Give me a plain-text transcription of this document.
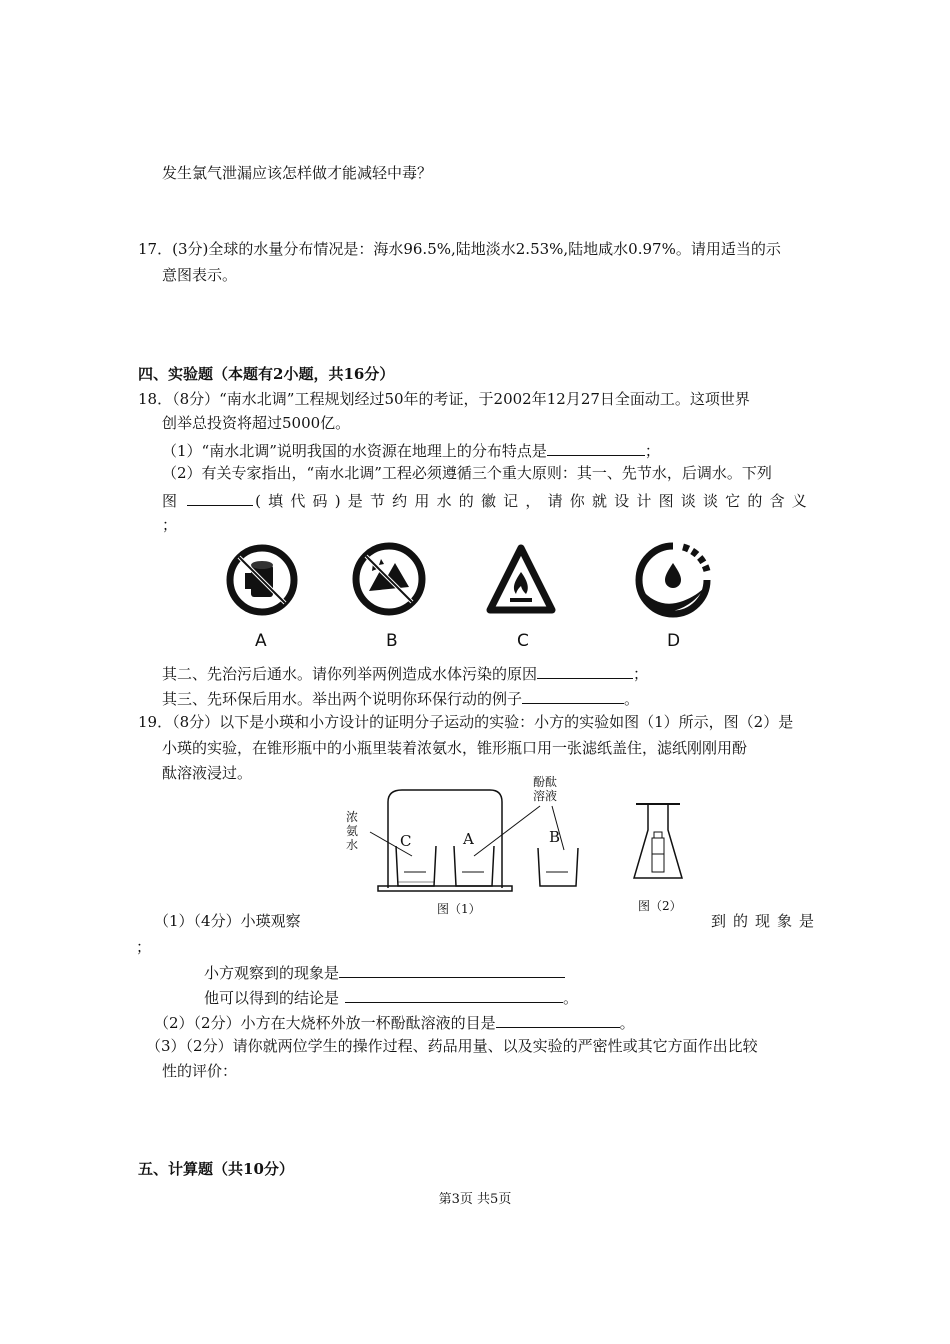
发生氯气泄漏应该怎样做才能减轻中毒？
17．(3分)全球的水量分布情况是：海水96.5%,陆地淡水2.53%,陆地咸水0.97%。请用适当的示
意图表示。
四、实验题（本题有2小题，共16分）
18．（8分）“南水北调”工程规划经过50年的考证，于2002年12月27日全面动工。这项世界
创举总投资将超过5000亿。
（1）“南水北调”说明我国的水资源在地理上的分布特点是	；
（2）有关专家指出，“南水北调”工程必须遵循三个重大原则：其一、先节水，后调水。下列
图	(填代码)是节约用水的徽记，请你就设计图谈谈它的含义
；
A	B	C	D
其二、先治污后通水。请你列举两例造成水体污染的原因	；
其三、先环保后用水。举出两个说明你环保行动的例子	。
19．（8分）以下是小瑛和小方设计的证明分子运动的实验：小方的实验如图（1）所示，图（2）是
小瑛的实验，在锥形瓶中的小瓶里装着浓氨水，锥形瓶口用一张滤纸盖住，滤纸刚刚用酚
酞溶液浸过。
浓
氨
水
酚酞
溶液
C	A	B
图（1）	图（2）
（1）（4分）小瑛观察	到 的 现 象 是
；
小方观察到的现象是
他可以得到的结论是	。
（2）（2分）小方在大烧杯外放一杯酚酞溶液的目是	。
（3）（2分）请你就两位学生的操作过程、药品用量、以及实验的严密性或其它方面作出比较
性的评价：
五、计算题（共10分）
第3页 共5页
